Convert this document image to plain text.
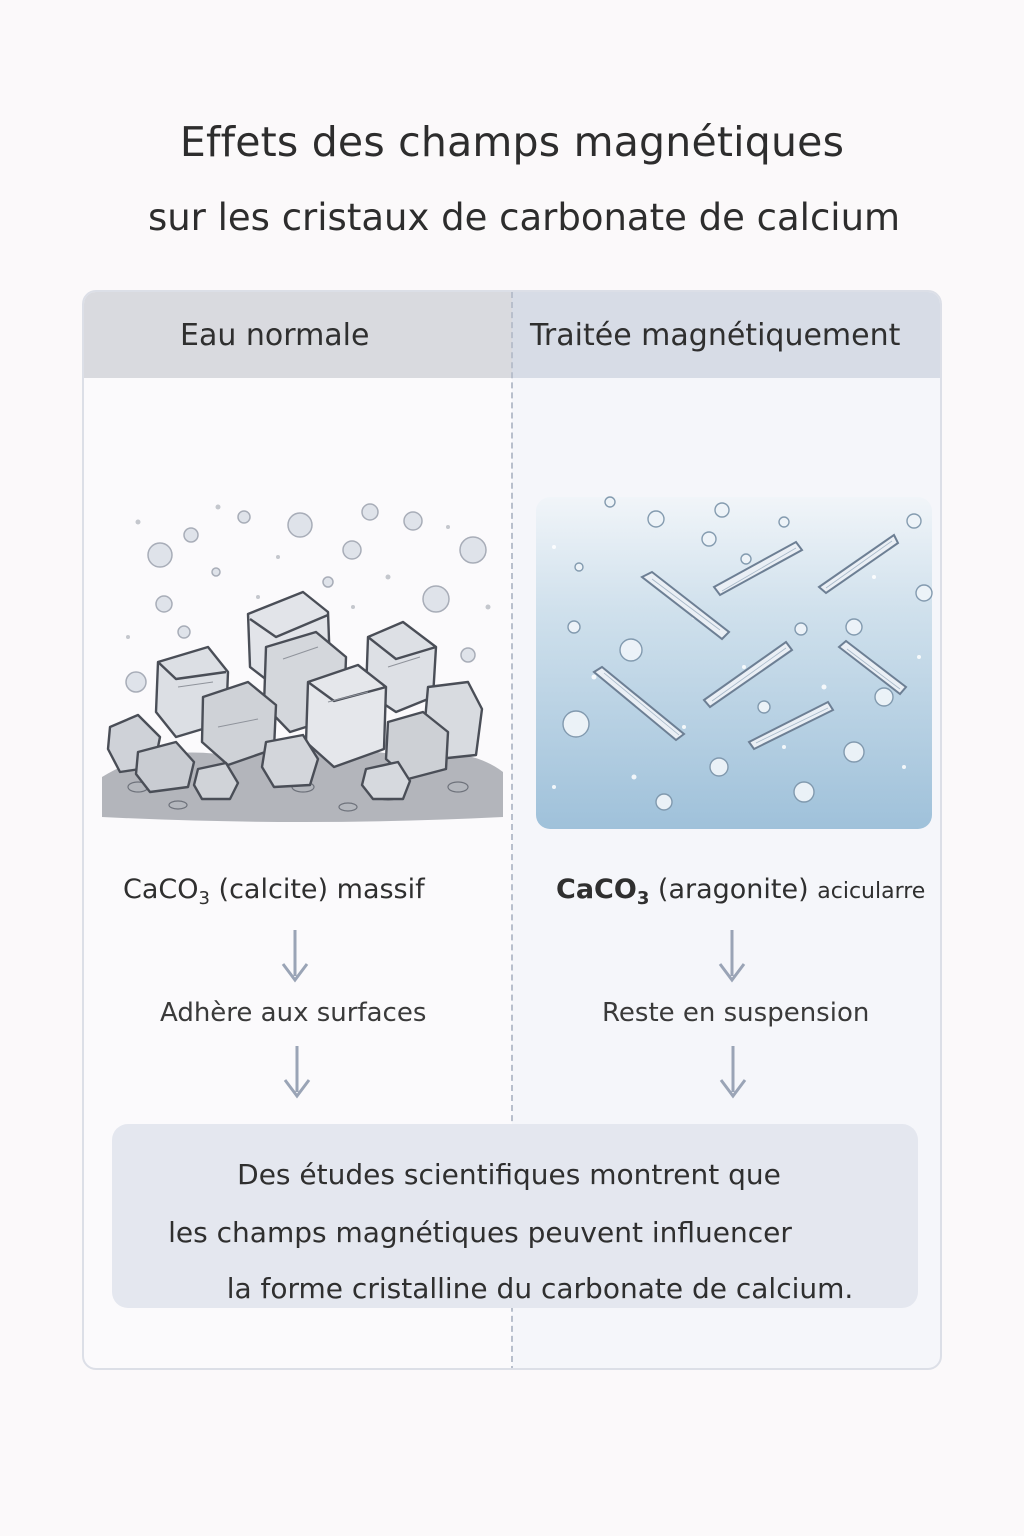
Effets des champs magnétiques
sur les cristaux de carbonate de calcium
Eau normale	Traitée magnétiquement
CaCO$_3$ (calcite) massif	CaCO$_3$ (aragonite) acicularre
Adhère aux surfaces	Reste en suspension
Des études scientifiques montrent que
les champs magnétiques peuvent influencer
la forme cristalline du carbonate de calcium.
